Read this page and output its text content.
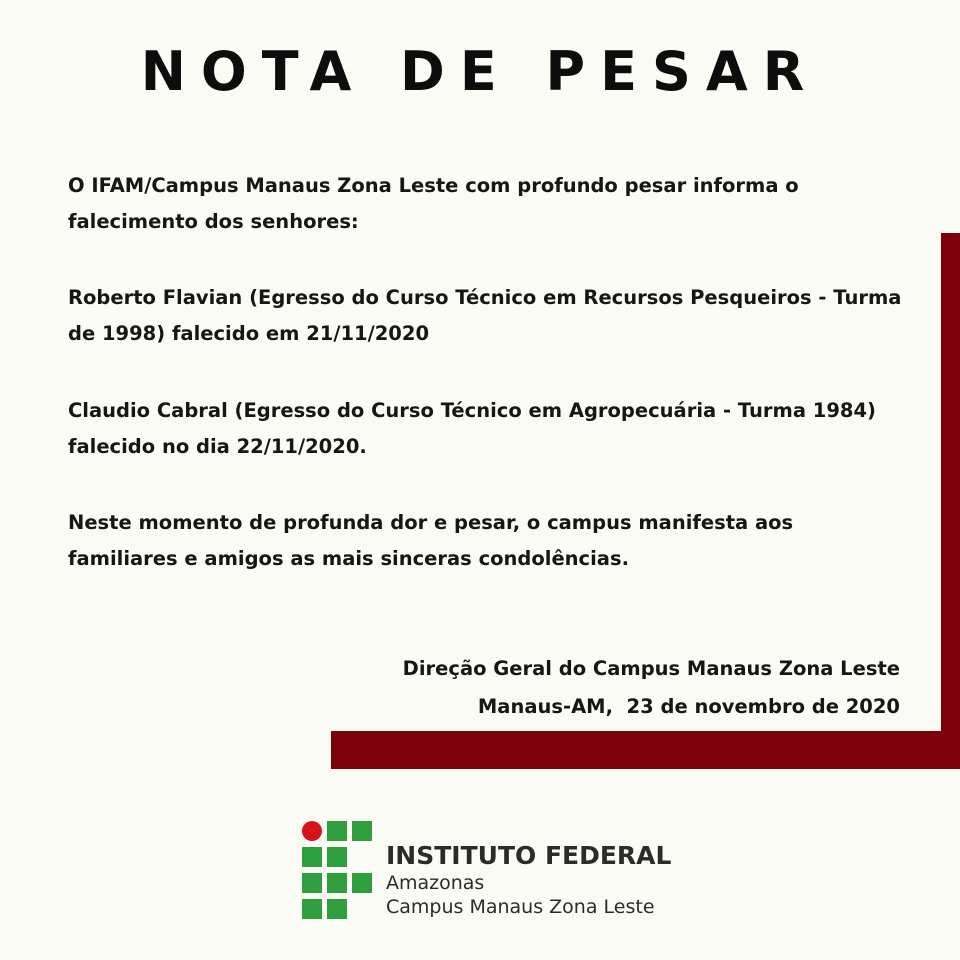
NOTA DE PESAR

O IFAM/Campus Manaus Zona Leste com profundo pesar informa o falecimento dos senhores:

Roberto Flavian (Egresso do Curso Técnico em Recursos Pesqueiros - Turma de 1998) falecido em 21/11/2020

Claudio Cabral (Egresso do Curso Técnico em Agropecuária - Turma 1984) falecido no dia 22/11/2020.

Neste momento de profunda dor e pesar, o campus manifesta aos familiares e amigos as mais sinceras condolências.

Direção Geral do Campus Manaus Zona Leste
Manaus-AM,  23 de novembro de 2020
INSTITUTO FEDERAL
Amazonas
Campus Manaus Zona Leste
